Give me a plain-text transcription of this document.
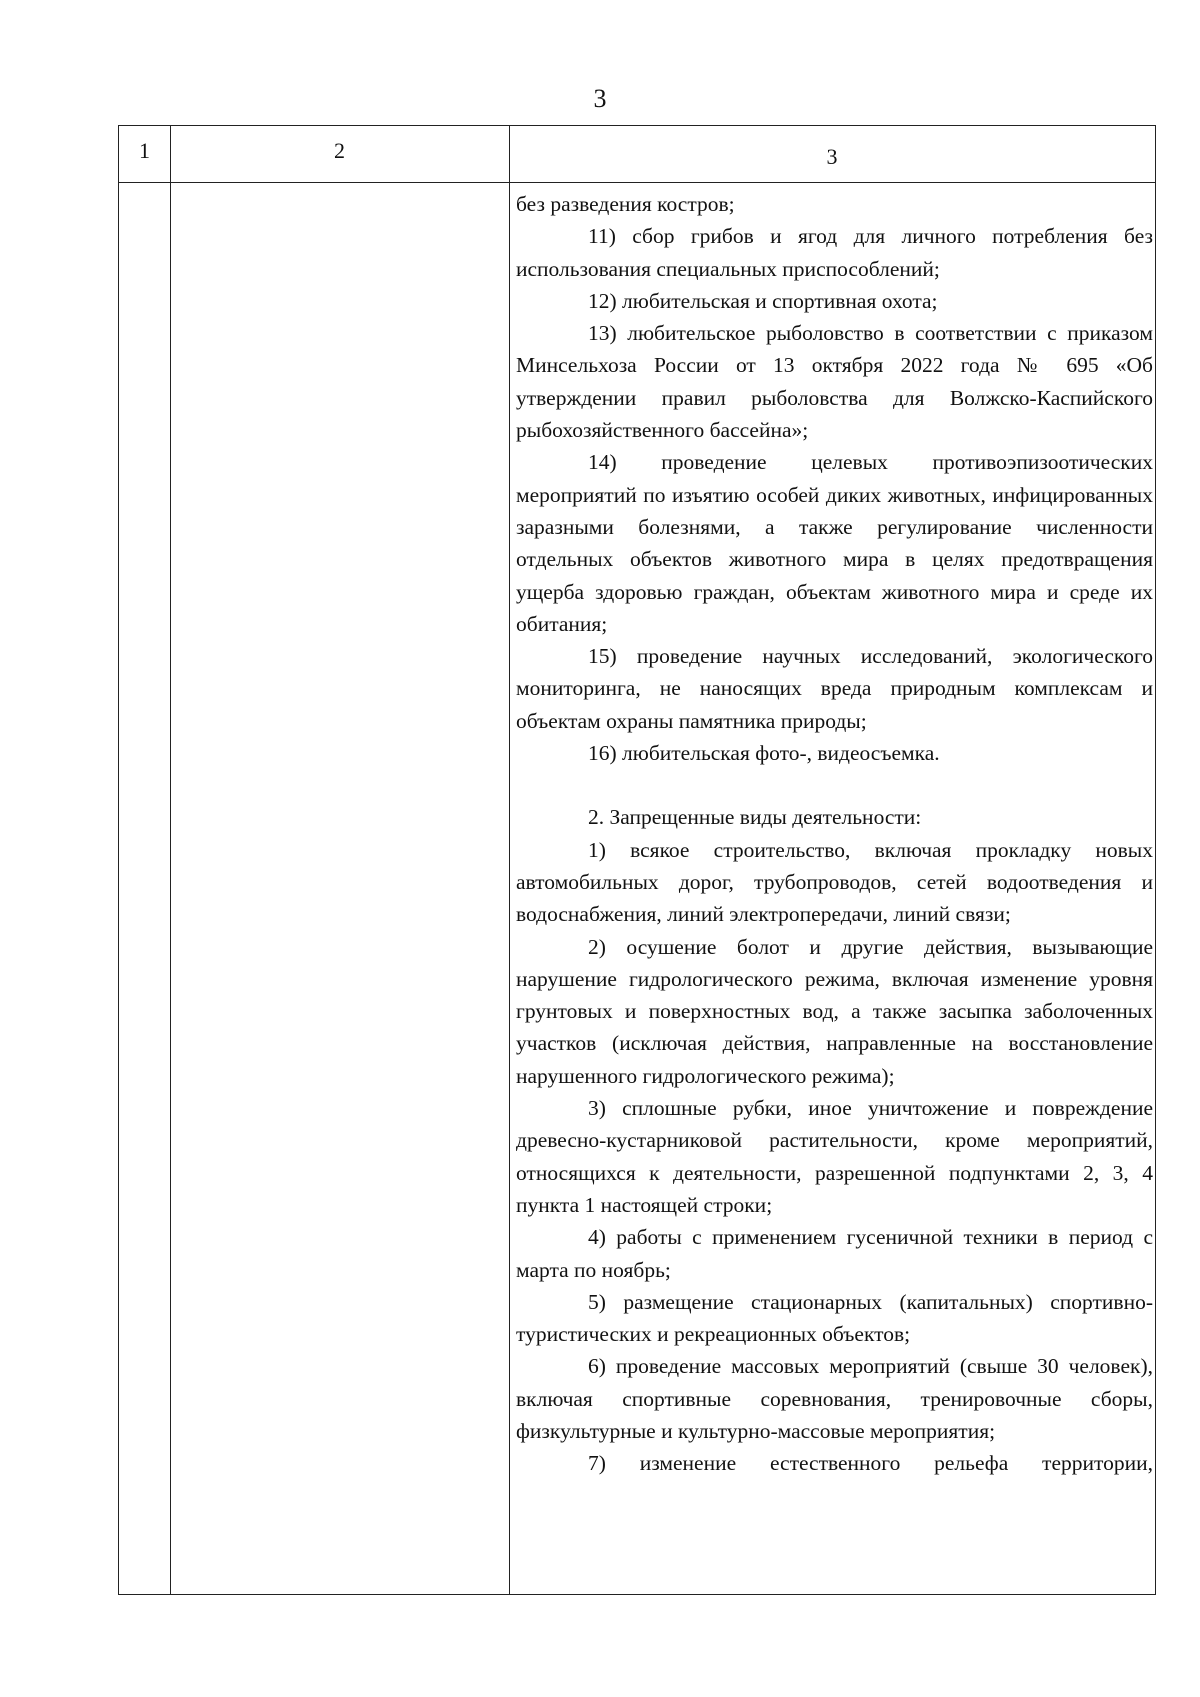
3
1	2	3

без разведения костров;

11) сбор грибов и ягод для личного потребления без использования специальных приспособлений;

12) любительская и спортивная охота;

13) любительское рыболовство в соответствии с приказом Минсельхоза России от 13 октября 2022 года № 695 «Об утверждении правил рыболовства для Волжско-Каспийского рыбохозяйственного бассейна»;

14) проведение целевых противоэпизоотических мероприятий по изъятию особей диких животных, инфицированных заразными болезнями, а также регулирование численности отдельных объектов животного мира в целях предотвращения ущерба здоровью граждан, объектам животного мира и среде их обитания;

15) проведение научных исследований, экологического мониторинга, не наносящих вреда природным комплексам и объектам охраны памятника природы;

16) любительская фото-, видеосъемка.

2. Запрещенные виды деятельности:

1) всякое строительство, включая прокладку новых автомобильных дорог, трубопроводов, сетей водоотведения и водоснабжения, линий электропередачи, линий связи;

2) осушение болот и другие действия, вызывающие нарушение гидрологического режима, включая изменение уровня грунтовых и поверхностных вод, а также засыпка заболоченных участков (исключая действия, направленные на восстановление нарушенного гидрологического режима);

3) сплошные рубки, иное уничтожение и повреждение древесно-кустарниковой растительности, кроме мероприятий, относящихся к деятельности, разрешенной подпунктами 2, 3, 4 пункта 1 настоящей строки;

4) работы с применением гусеничной техники в период с марта по ноябрь;

5) размещение стационарных (капитальных) спортивно-туристических и рекреационных объектов;

6) проведение массовых мероприятий (свыше 30 человек), включая спортивные соревнования, тренировочные сборы, физкультурные и культурно-массовые мероприятия;

7) изменение естественного рельефа территории,
